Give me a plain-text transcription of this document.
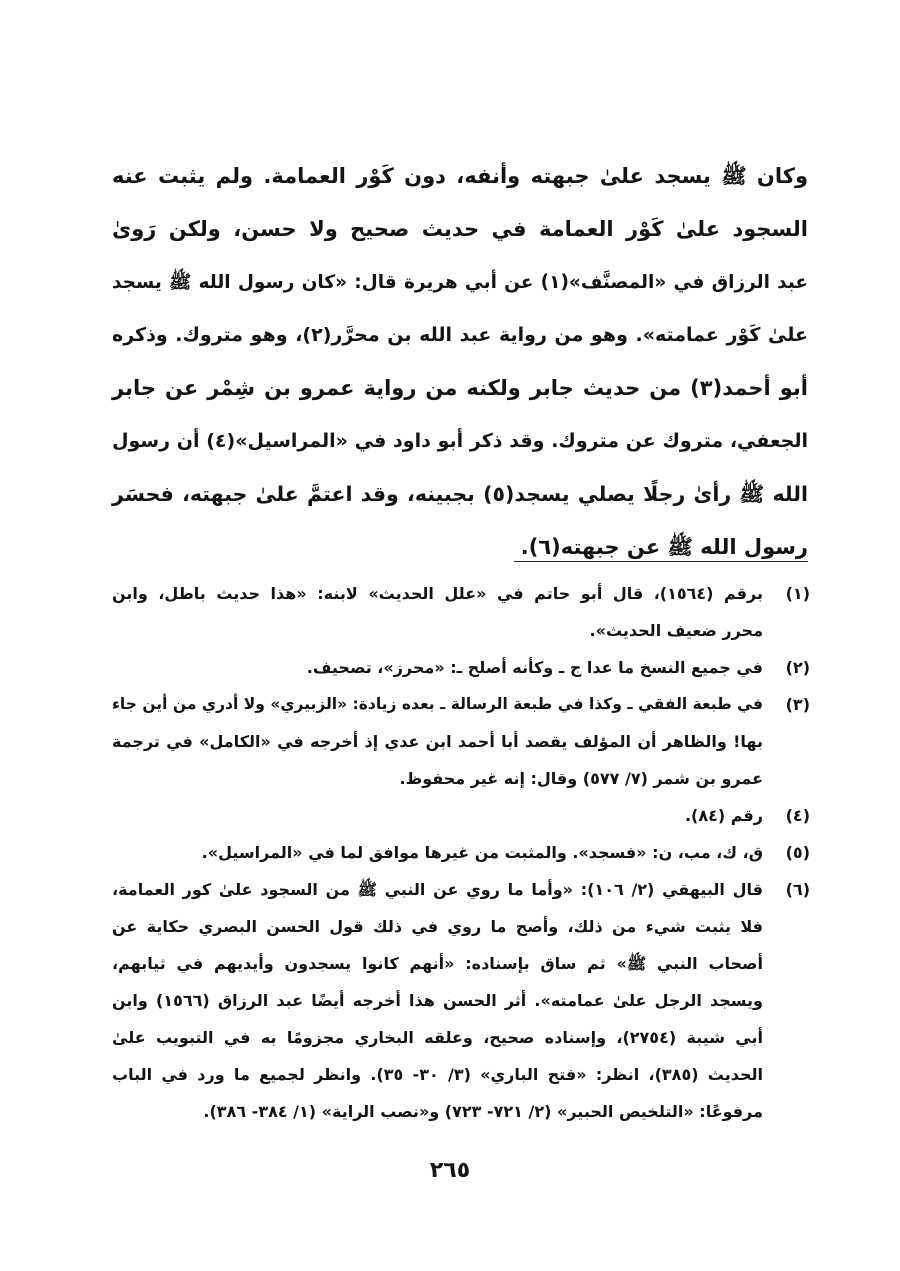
وكان ﷺ يسجد علىٰ جبهته وأنفه، دون كَوْر العمامة. ولم يثبت عنه
السجود علىٰ كَوْر العمامة في حديث صحيح ولا حسن، ولكن رَوىٰ
عبد الرزاق في «المصنَّف»(١) عن أبي هريرة قال: «كان رسول الله ﷺ يسجد
علىٰ كَوْر عمامته». وهو من رواية عبد الله بن محرَّر(٢)، وهو متروك. وذكره
أبو أحمد(٣) من حديث جابر ولكنه من رواية عمرو بن شِمْر عن جابر
الجعفي، متروك عن متروك. وقد ذكر أبو داود في «المراسيل»(٤) أن رسول
الله ﷺ رأىٰ رجلًا يصلي يسجد(٥) بجبينه، وقد اعتمَّ علىٰ جبهته، فحسَر
رسول الله ﷺ عن جبهته(٦).
(١)
برقم (١٥٦٤)، قال أبو حاتم في «علل الحديث» لابنه: «هذا حديث باطل، وابن
محرر ضعيف الحديث».
(٢)
في جميع النسخ ما عدا ج ـ وكأنه أصلح ـ: «محرز»، تصحيف.
(٣)
في طبعة الفقي ـ وكذا في طبعة الرسالة ـ بعده زيادة: «الزبيري» ولا أدري من أين جاء
بها! والظاهر أن المؤلف يقصد أبا أحمد ابن عدي إذ أخرجه في «الكامل» في ترجمة
عمرو بن شمر (٧/ ٥٧٧) وقال: إنه غير محفوظ.
(٤)
رقم (٨٤).
(٥)
ق، ك، مب، ن: «فسجد». والمثبت من غيرها موافق لما في «المراسيل».
(٦)
قال البيهقي (٢/ ١٠٦): «وأما ما روي عن النبي ﷺ من السجود علىٰ كور العمامة،
فلا يثبت شيء من ذلك، وأصح ما روي في ذلك قول الحسن البصري حكاية عن
أصحاب النبي ﷺ» ثم ساق بإسناده: «أنهم كانوا يسجدون وأيديهم في ثيابهم،
ويسجد الرجل علىٰ عمامته». أثر الحسن هذا أخرجه أيضًا عبد الرزاق (١٥٦٦) وابن
أبي شيبة (٢٧٥٤)، وإسناده صحيح، وعلقه البخاري مجزومًا به في التبويب علىٰ
الحديث (٣٨٥)، انظر: «فتح الباري» (٣/ ٣٠- ٣٥). وانظر لجميع ما ورد في الباب
مرفوعًا: «التلخيص الحبير» (٢/ ٧٢١- ٧٢٣) و«نصب الراية» (١/ ٣٨٤- ٣٨٦).
٢٦٥
